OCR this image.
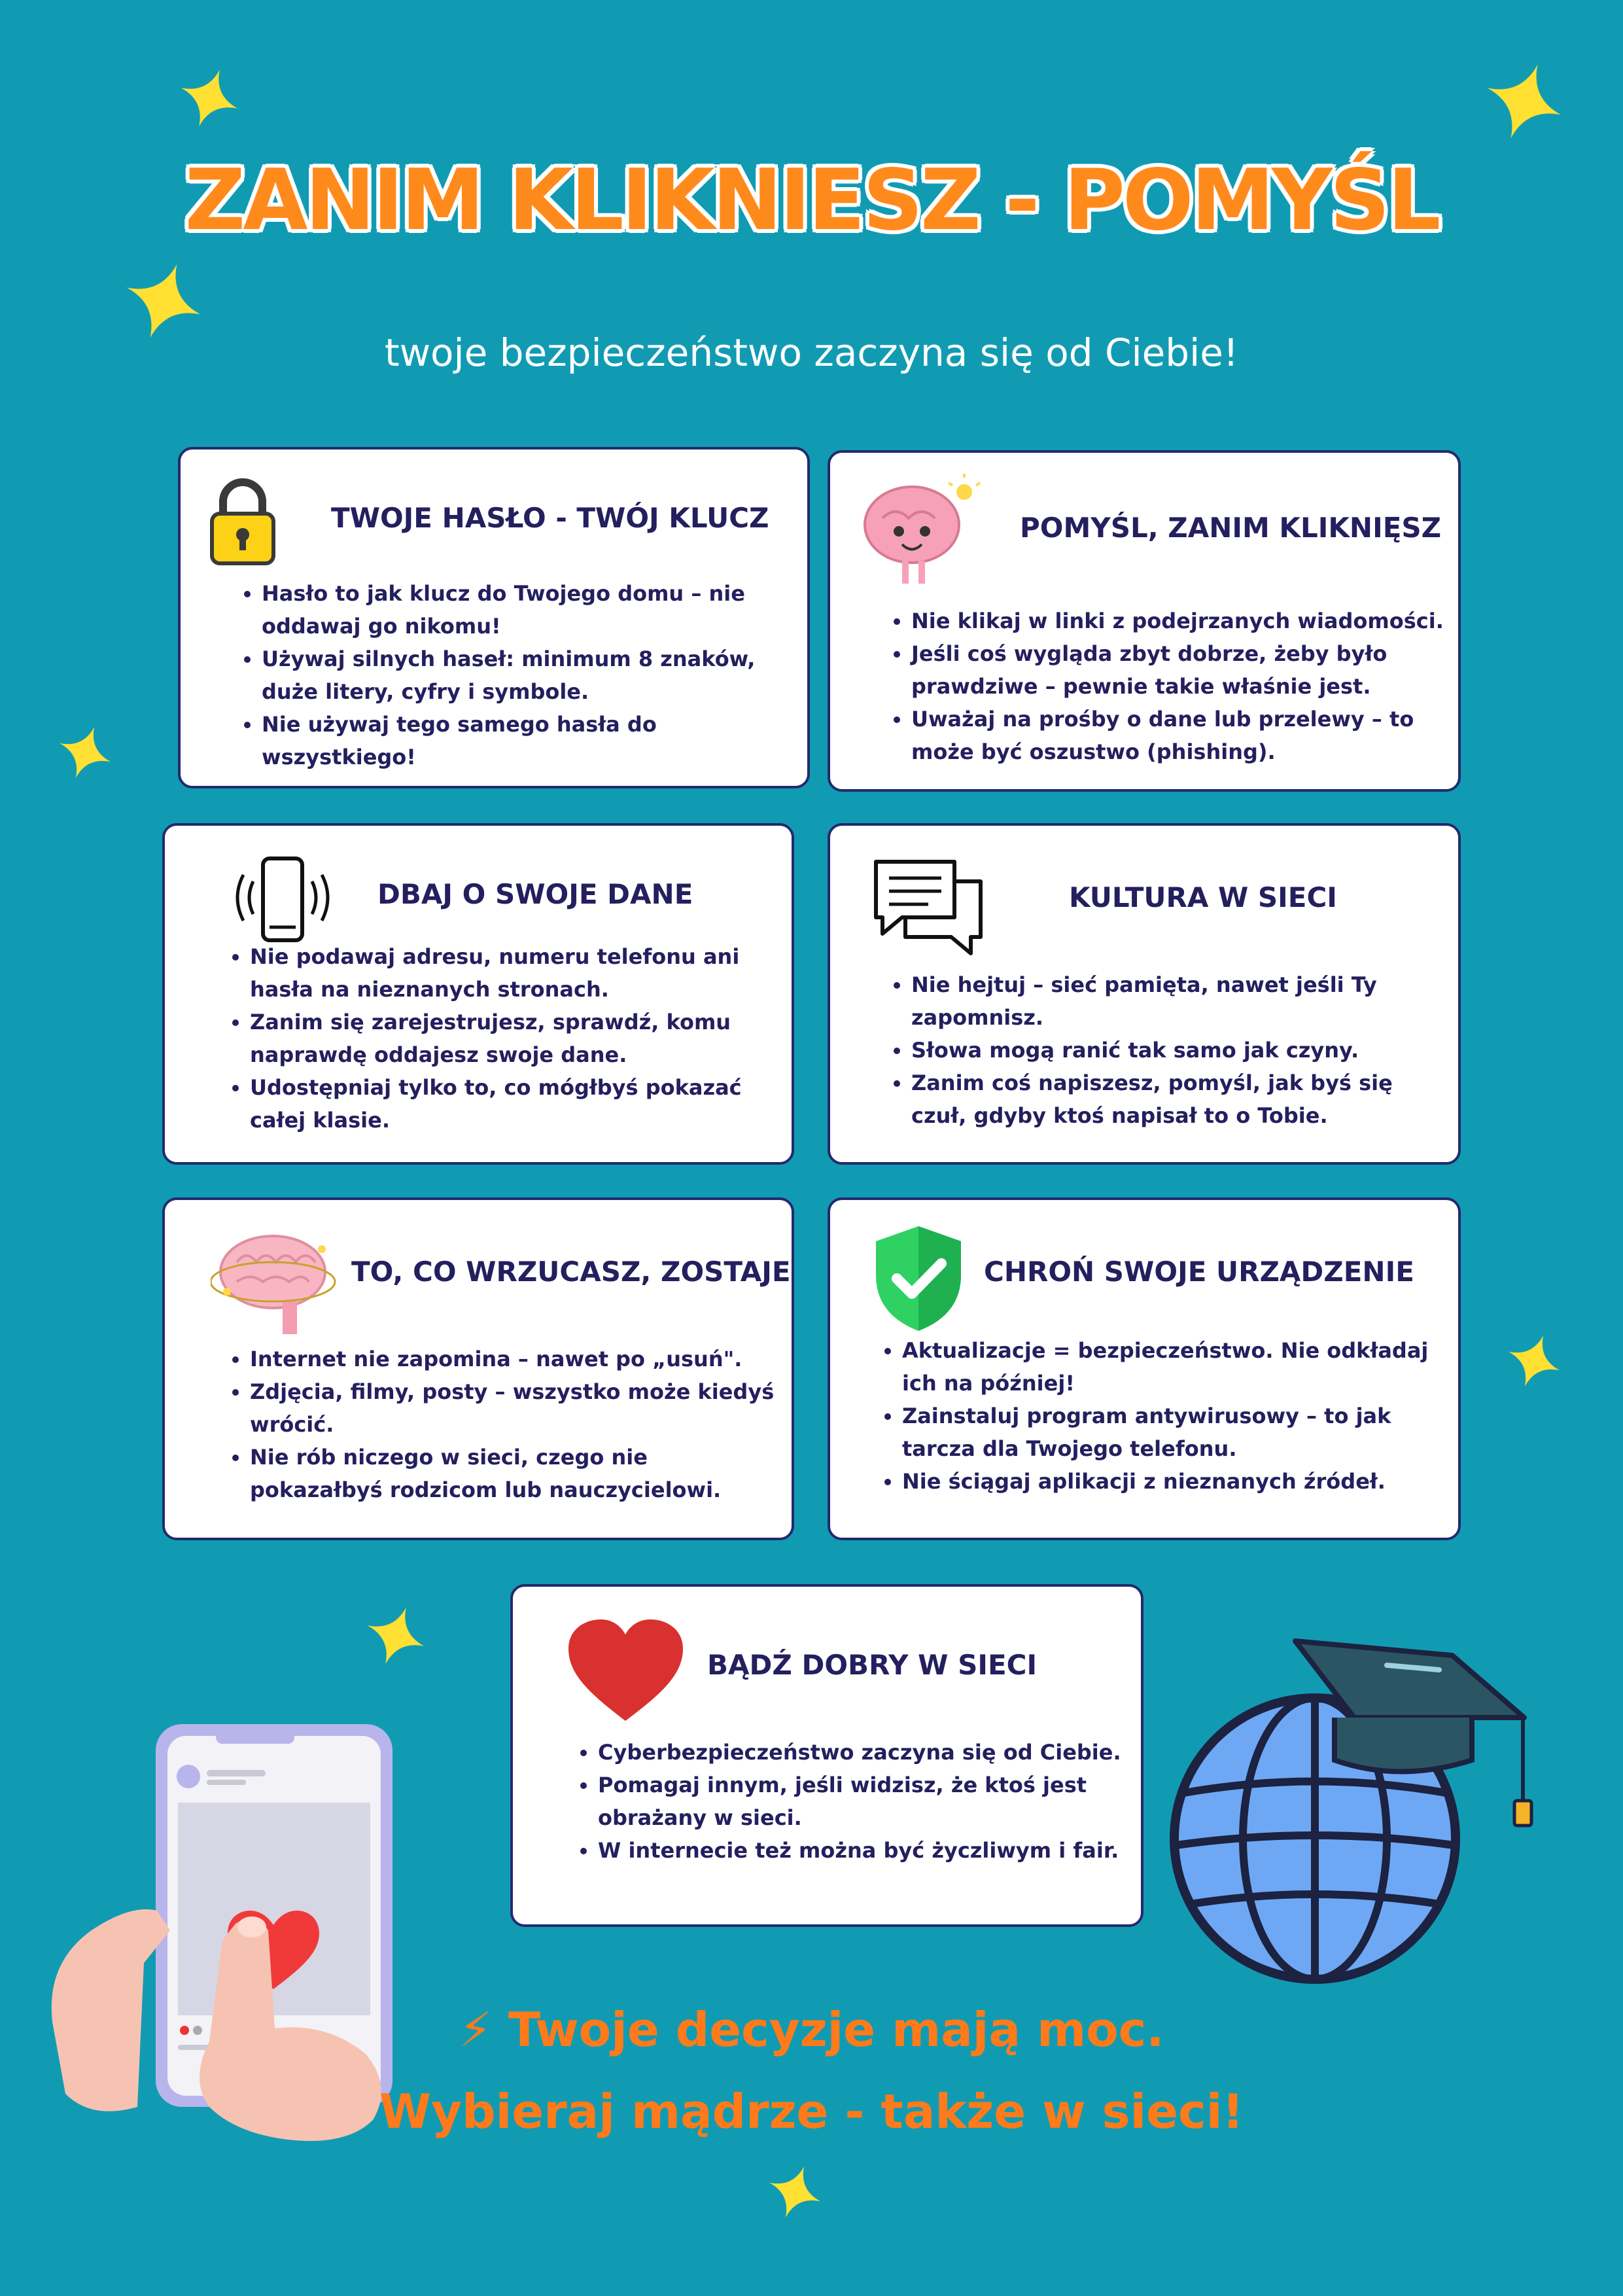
ZANIM KLIKNIESZ - POMYŚL
twoje bezpieczeństwo zaczyna się od Ciebie!
TWOJE HASŁO - TWÓJ KLUCZ
• Hasło to jak klucz do Twojego domu – nie oddawaj go nikomu!
• Używaj silnych haseł: minimum 8 znaków, duże litery, cyfry i symbole.
• Nie używaj tego samego hasła do wszystkiego!
POMYŚL, ZANIM KLIKNIĘSZ
• Nie klikaj w linki z podejrzanych wiadomości.
• Jeśli coś wygląda zbyt dobrze, żeby było prawdziwe – pewnie takie właśnie jest.
• Uważaj na prośby o dane lub przelewy – to może być oszustwo (phishing).
DBAJ O SWOJE DANE
• Nie podawaj adresu, numeru telefonu ani hasła na nieznanych stronach.
• Zanim się zarejestrujesz, sprawdź, komu naprawdę oddajesz swoje dane.
• Udostępniaj tylko to, co mógłbyś pokazać całej klasie.
KULTURA W SIECI
• Nie hejtuj – sieć pamięta, nawet jeśli Ty zapomnisz.
• Słowa mogą ranić tak samo jak czyny.
• Zanim coś napiszesz, pomyśl, jak byś się czuł, gdyby ktoś napisał to o Tobie.
TO, CO WRZUCASZ, ZOSTAJE
• Internet nie zapomina – nawet po „usuń".
• Zdjęcia, filmy, posty – wszystko może kiedyś wrócić.
• Nie rób niczego w sieci, czego nie pokazałbyś rodzicom lub nauczycielowi.
CHROŃ SWOJE URZĄDZENIE
• Aktualizacje = bezpieczeństwo. Nie odkładaj ich na później!
• Zainstaluj program antywirusowy – to jak tarcza dla Twojego telefonu.
• Nie ściągaj aplikacji z nieznanych źródeł.
BĄDŹ DOBRY W SIECI
• Cyberbezpieczeństwo zaczyna się od Ciebie.
• Pomagaj innym, jeśli widzisz, że ktoś jest obrażany w sieci.
• W internecie też można być życzliwym i fair.
⚡ Twoje decyzje mają moc.
Wybieraj mądrze - także w sieci!
